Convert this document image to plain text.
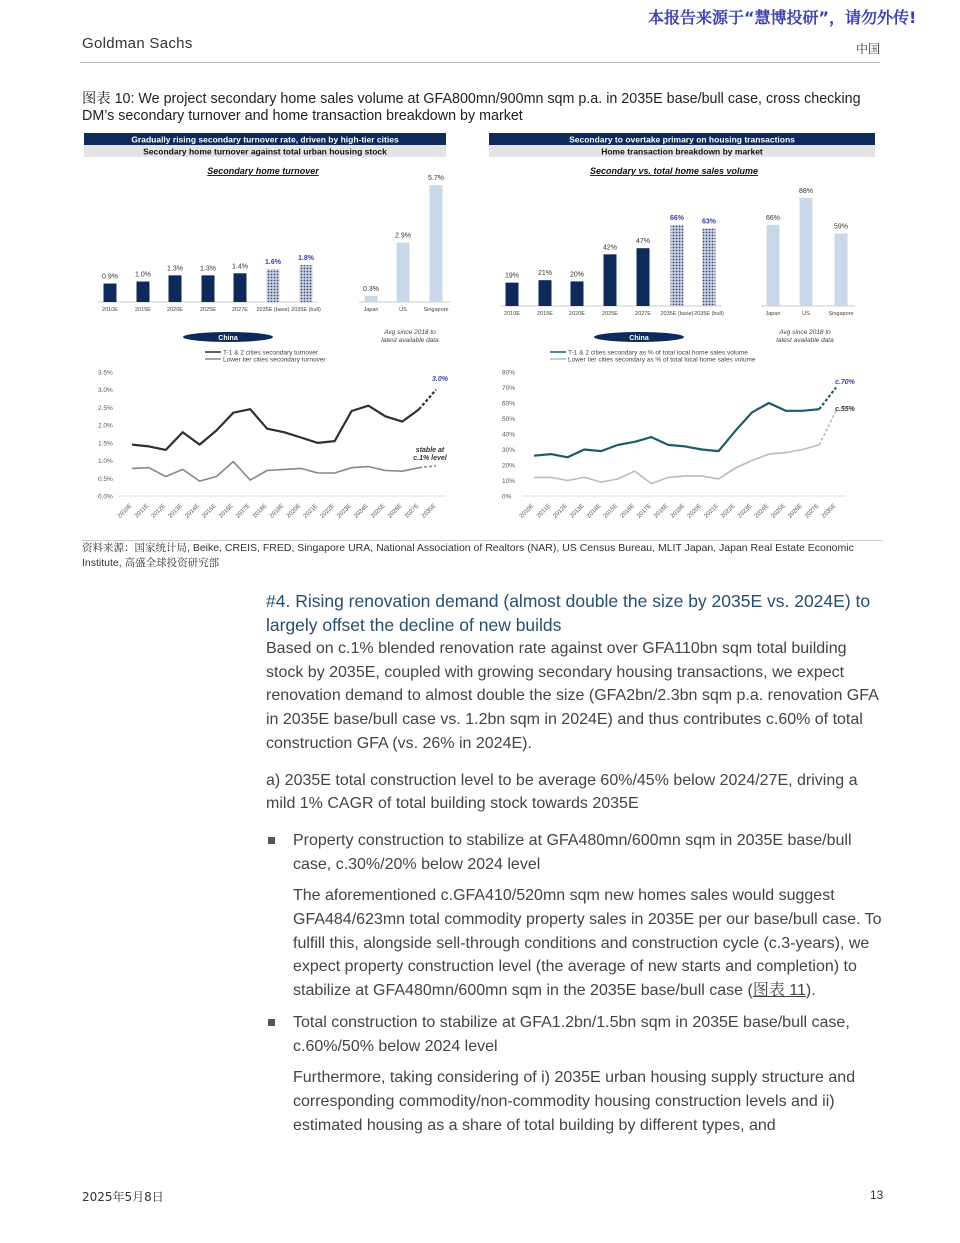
本报告来源于“慧博投研”，请勿外传!
Goldman Sachs	中国
图表 10: We project secondary home sales volume at GFA800mn/900mn sqm p.a. in 2035E base/bull case, cross checking DM’s secondary turnover and home transaction breakdown by market
Gradually rising secondary turnover rate, driven by high-tier cities
Secondary home turnover against total urban housing stock
Secondary home turnover
0.9%
2010E
1.0%
2015E
1.3%
2020E
1.3%
2025E
1.4%
2027E
1.6%
2035E (base)
1.8%
2035E (bull)
0.3%
Japan
2.9%
US
5.7%
Singapore
China
Avg since 2018 to
latest available data
T-1 & 2 cities secondary turnover
Lower tier cities secondary turnover
0.0%
0.5%
1.0%
1.5%
2.0%
2.5%
3.0%
3.5%
2010E 2011E 2012E 2013E 2014E 2015E 2016E 2017E 2018E 2019E 2020E 2021E 2022E 2023E 2024E 2025E 2026E 2027E 2035E
3.0%
stable at
c.1% level
Secondary to overtake primary on housing transactions
Home transaction breakdown by market
Secondary vs. total home sales volume
19%
2010E
21%
2015E
20%
2020E
42%
2025E
47%
2027E
66%
2035E (base)
63%
2035E (bull)
66%
Japan
88%
US
59%
Singapore
China
Avg since 2018 to
latest available data
T-1 & 2 cities secondary as % of total local home sales volume
Lower tier cities secondary as % of total local home sales volume
0%
10%
20%
30%
40%
50%
60%
70%
80%
2010E 2011E 2012E 2013E 2014E 2015E 2016E 2017E 2018E 2019E 2020E 2021E 2022E 2023E 2024E 2025E 2026E 2027E 2035E
c.70%
c.55%
资料来源：国家统计局, Beike, CREIS, FRED, Singapore URA, National Association of Realtors (NAR), US Census Bureau, MLIT Japan, Japan Real Estate Economic Institute, 高盛全球投资研究部
#4. Rising renovation demand (almost double the size by 2035E vs. 2024E) to largely offset the decline of new builds

Based on c.1% blended renovation rate against over GFA110bn sqm total building stock by 2035E, coupled with growing secondary housing transactions, we expect renovation demand to almost double the size (GFA2bn/2.3bn sqm p.a. renovation GFA in 2035E base/bull case vs. 1.2bn sqm in 2024E) and thus contributes c.60% of total construction GFA (vs. 26% in 2024E).

a) 2035E total construction level to be average 60%/45% below 2024/27E, driving a mild 1% CAGR of total building stock towards 2035E

Property construction to stabilize at GFA480mn/600mn sqm in 2035E base/bull case, c.30%/20% below 2024 level
The aforementioned c.GFA410/520mn sqm new homes sales would suggest GFA484/623mn total commodity property sales in 2035E per our base/bull case. To fulfill this, alongside sell-through conditions and construction cycle (c.3-years), we expect property construction level (the average of new starts and completion) to stabilize at GFA480mn/600mn sqm in the 2035E base/bull case (图表 11).
Total construction to stabilize at GFA1.2bn/1.5bn sqm in 2035E base/bull case, c.60%/50% below 2024 level
Furthermore, taking considering of i) 2035E urban housing supply structure and corresponding commodity/non-commodity housing construction levels and ii) estimated housing as a share of total building by different types, and
2025年5月8日	13
